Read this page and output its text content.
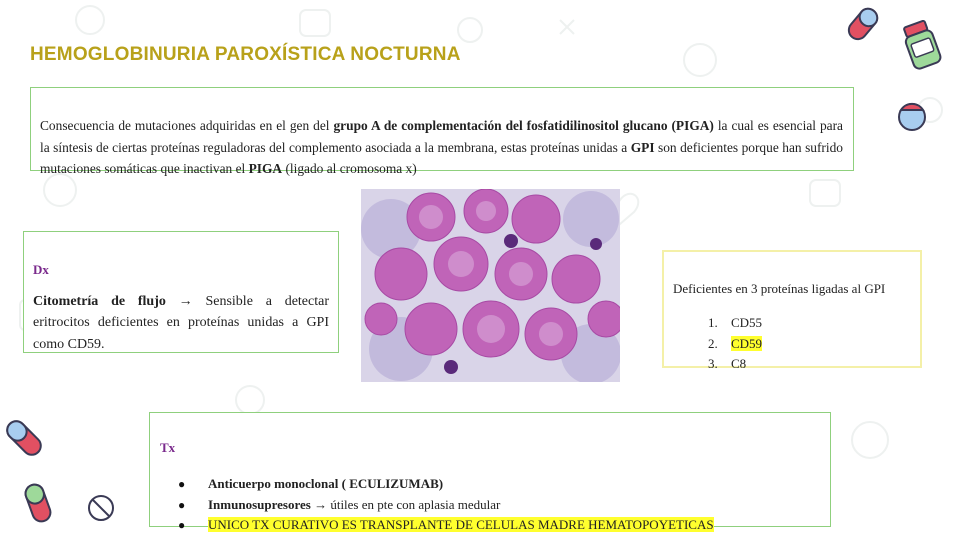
HEMOGLOBINURIA PAROXÍSTICA NOCTURNA
Consecuencia de mutaciones adquiridas en el gen del grupo A de complementación del fosfatidilinositol glucano (PIGA) la cual es esencial para la síntesis de ciertas proteínas reguladoras del complemento asociada a la membrana, estas proteínas unidas a GPI son deficientes porque han sufrido mutaciones somáticas que inactivan el PIGA (ligado al cromosoma x)
Dx

Citometría de flujo → Sensible a detectar eritrocitos deficientes en proteínas unidas a GPI como CD59.

Deficientes en 3 proteínas ligadas al GPI
1. CD55
2. CD59
3. C8
Tx
● Anticuerpo monoclonal ( ECULIZUMAB)
● Inmunosupresores → útiles en pte con aplasia medular
● UNICO TX CURATIVO ES TRANSPLANTE DE CELULAS MADRE HEMATOPOYETICAS
